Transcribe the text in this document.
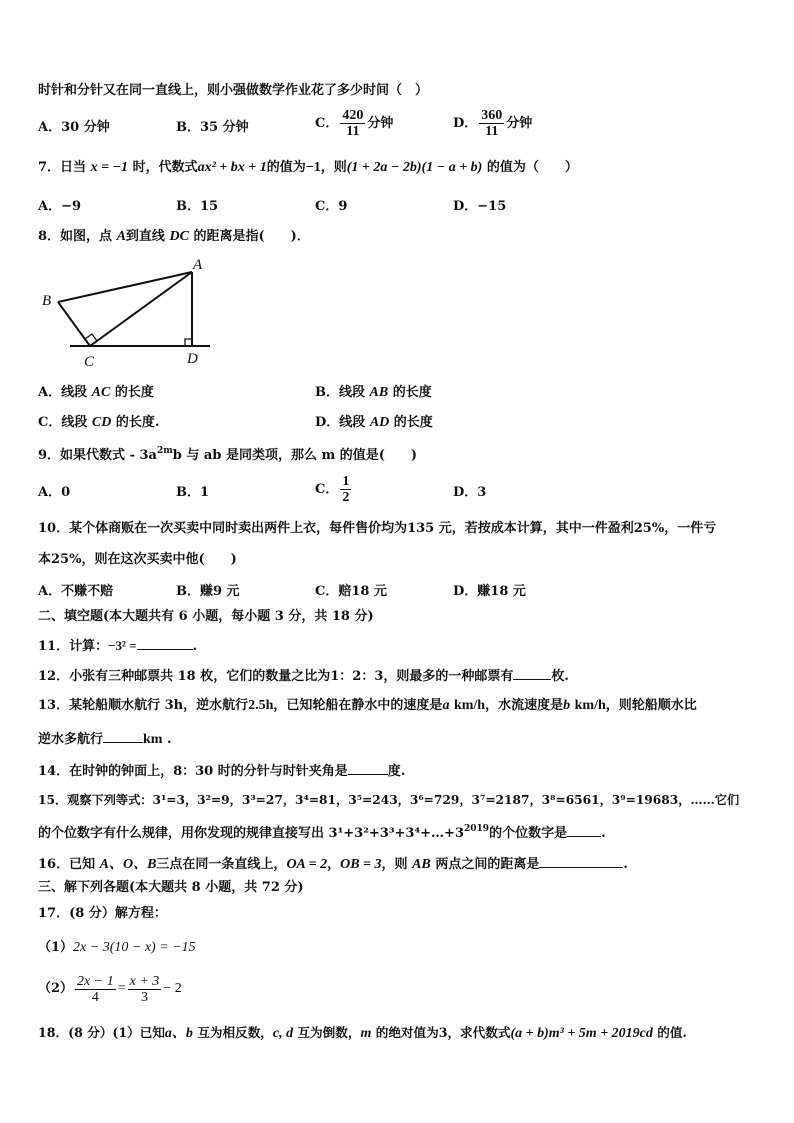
时针和分针又在同一直线上，则小强做数学作业花了多少时间（　）
A．30 分钟	B．35 分钟	C． $\frac{420}{11}$ 分钟	D． $\frac{360}{11}$ 分钟
7．日当 x = −1 时，代数式ax² + bx + 1的值为−1，则(1 + 2a − 2b)(1 − a + b) 的值为（　　）
A．−9	B．15	C．9	D．−15
8．如图，点 A到直线 DC 的距离是指(　　)．
A
B
C	D
A．线段 AC 的长度	B．线段 AB 的长度
C．线段 CD 的长度.	D．线段 AD 的长度
9．如果代数式 - $3a^{2m}b$ 与 ab 是同类项，那么 m 的值是(　　)
A．0	B．1	C． $\frac{1}{2}$	D．3
10．某个体商贩在一次买卖中同时卖出两件上衣，每件售价均为135 元，若按成本计算，其中一件盈利25%，一件亏
本25%，则在这次买卖中他(　　)
A．不赚不赔	B．赚9 元	C．赔18 元	D．赚18 元
二、填空题(本大题共有 6 小题，每小题 3 分，共 18 分)
11．计算：−3² =	.
12．小张有三种邮票共 18 枚，它们的数量之比为1：2：3，则最多的一种邮票有	枚.
13．某轮船顺水航行 3h，逆水航行2.5h，已知轮船在静水中的速度是a km/h，水流速度是b km/h，则轮船顺水比
逆水多航行	km .
14．在时钟的钟面上，8：30 时的分针与时针夹角是	度.
15．观察下列等式：3¹=3，3²=9，3³=27，3⁴=81，3⁵=243，3⁶=729，3⁷=2187，3⁸=6561，3⁹=19683，……它们
的个位数字有什么规律，用你发现的规律直接写出 $3^1+3^2+3^3+3^4+\dots+3^{2019}$的个位数字是	.
16．已知 A、O、B三点在同一条直线上，OA = 2，OB = 3，则 AB 两点之间的距离是	.
三、解下列各题(本大题共 8 小题，共 72 分)
17．(8 分）解方程：
（1）2x − 3(10 − x) = −15
$(2) \frac{2x - 1}{4} = \frac{x + 3}{3} - 2$
18．(8 分）(1）已知a、b 互为相反数，c, d 互为倒数，m 的绝对值为3，求代数式(a + b)m³ + 5m + 2019cd 的值.
